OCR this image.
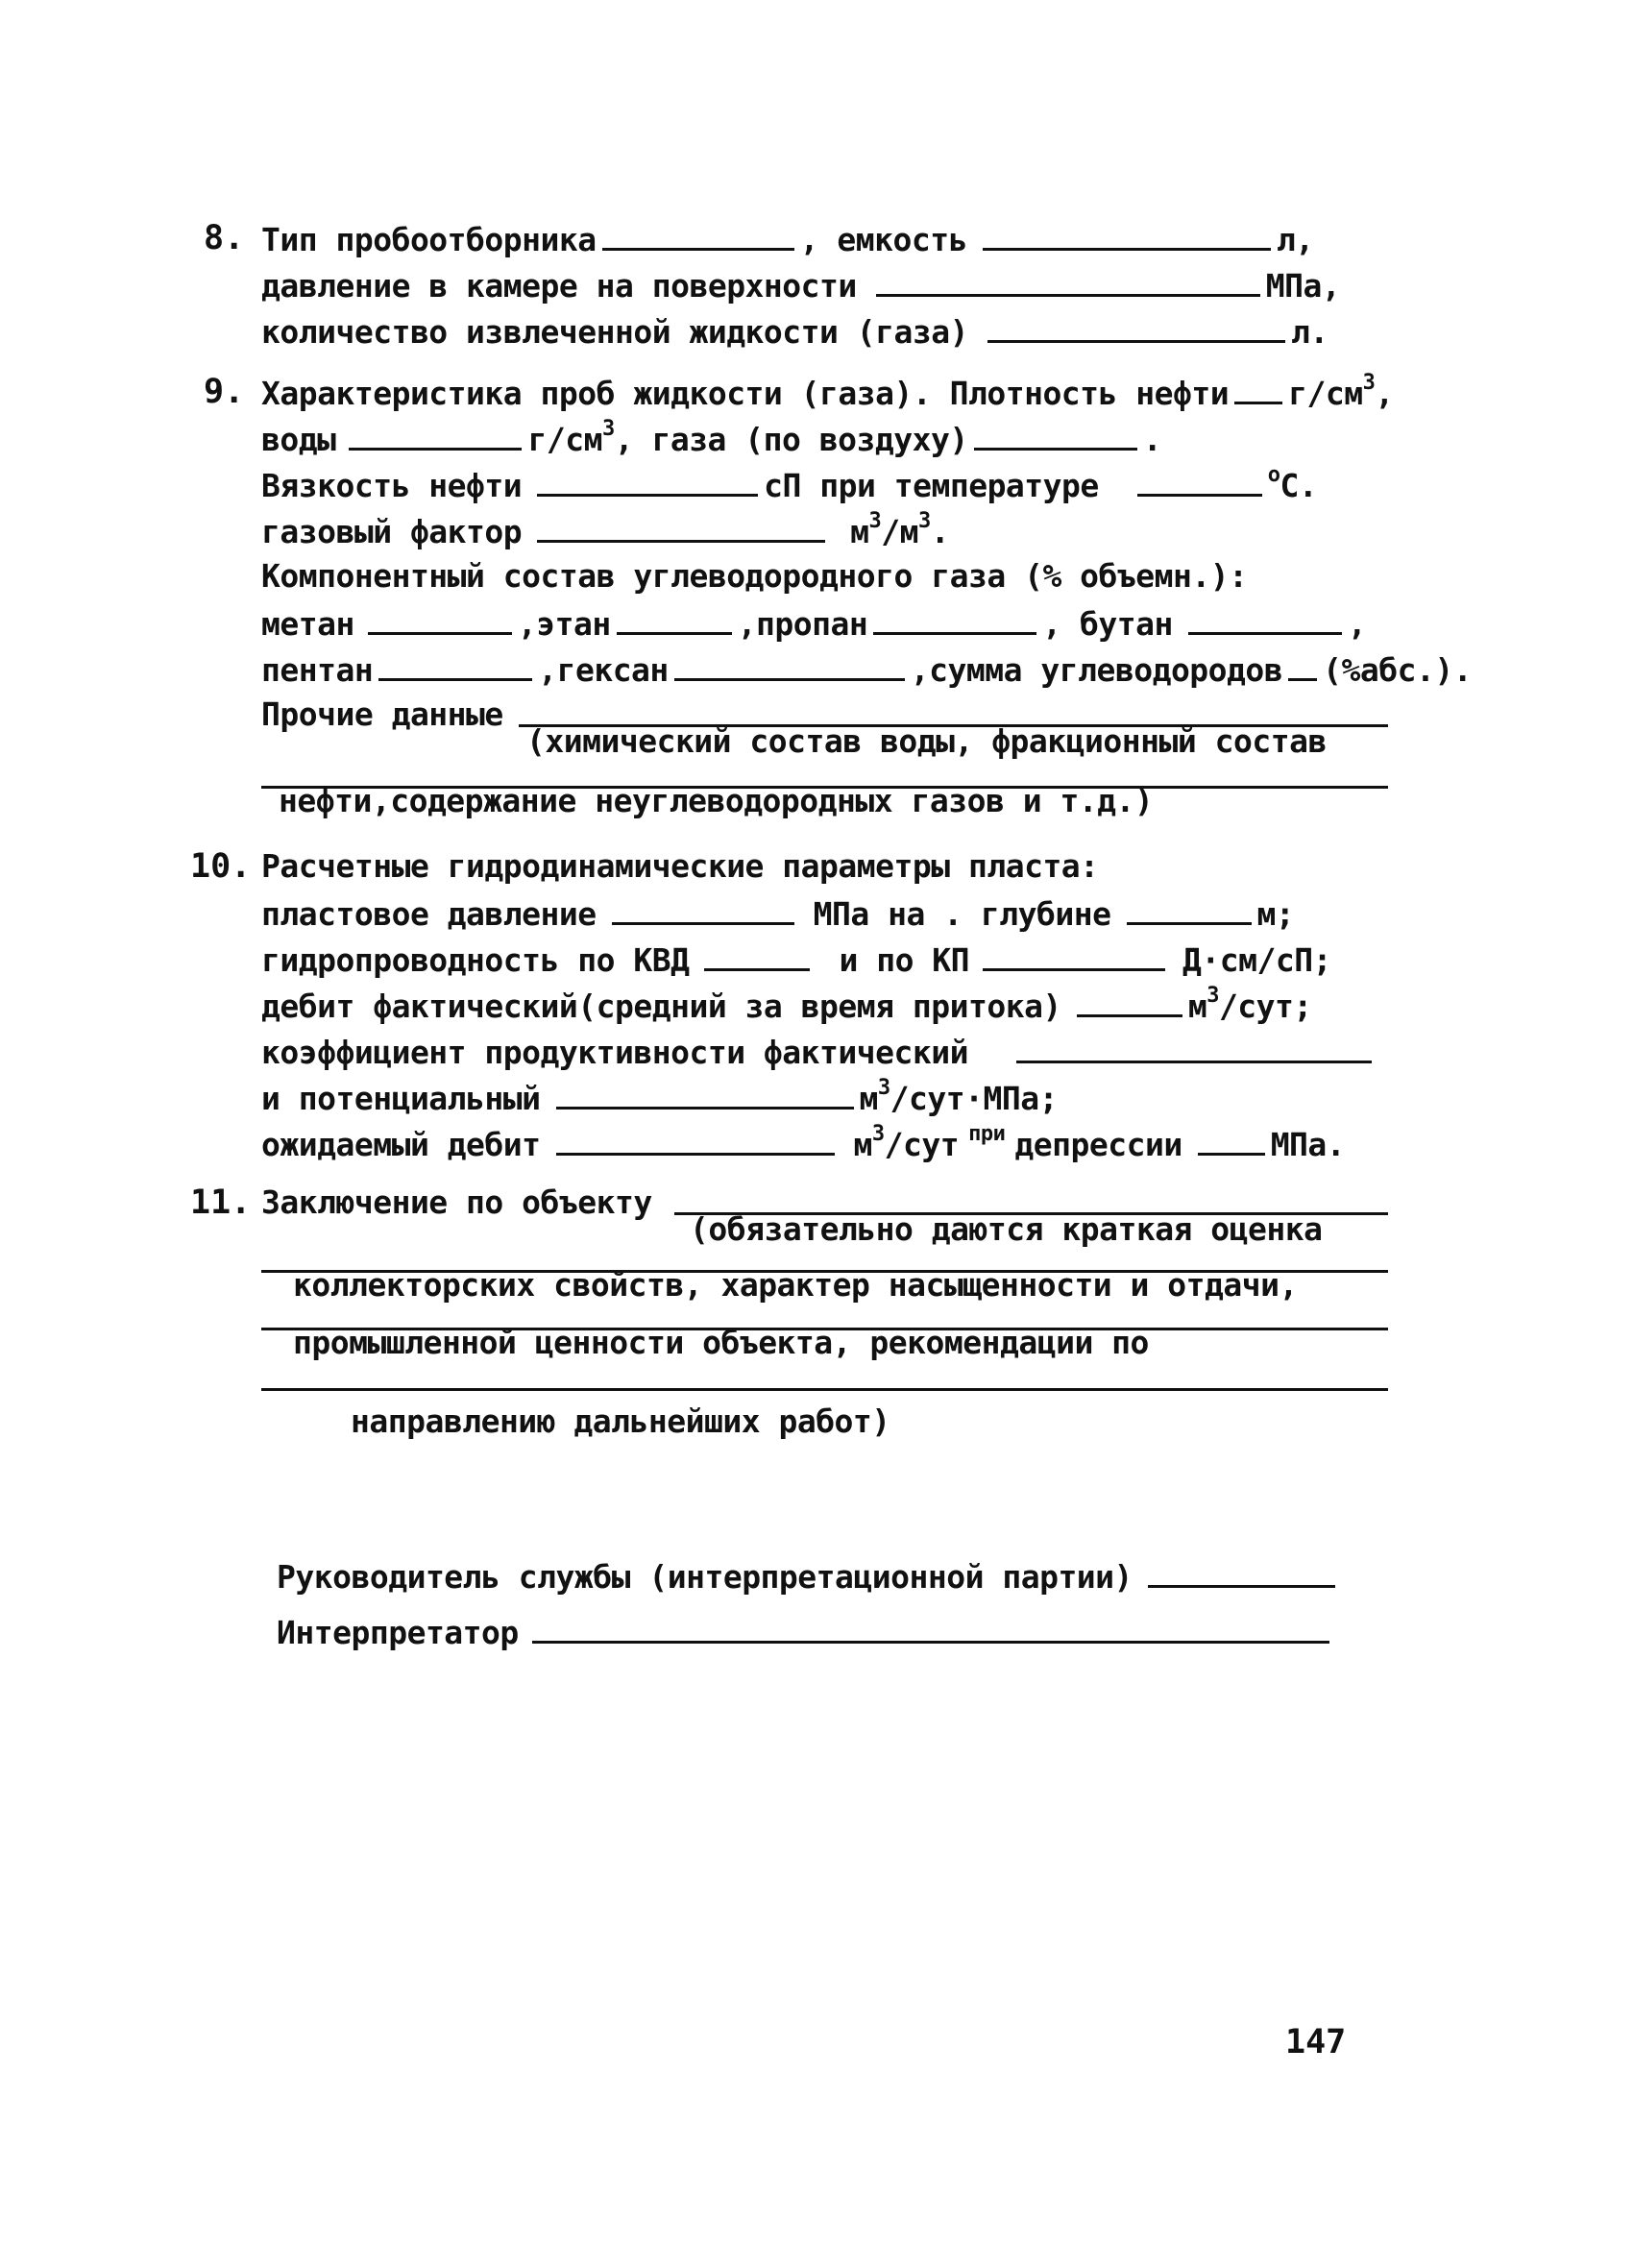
8. Тип пробоотборника	, емкость	л,
давление в камере на поверхности	МПа,
количество извлеченной жидкости (газа)	л.
9. Характеристика проб жидкости (газа). Плотность нефти $г/см^3$,
воды	$г/см^3$, газа (по воздуху)	.
Вязкость нефти	сП при температуре	$^о$С.
газовый фактор	$м^3/м^3$.
Компонентный состав углеводородного газа (% объемн.):
метан	,этан	,пропан	, бутан	,
пентан	,гексан	,сумма углеводородов (%абс.).
Прочие данные
(химический состав воды, фракционный состав
нефти,содержание неуглеводородных газов и т.д.)
10. Расчетные гидродинамические параметры пласта:
пластовое давление	МПа на . глубине	м;
гидропроводность по КВД	и по КП	Д·см/сП;
дебит фактический(средний за время притока)	$м^3$/сут;
коэффициент продуктивности фактический
и потенциальный	$м^3/сут\cdot МПа$;
ожидаемый дебит	$м^3$/сут $^{при}$ депрессии	МПа.
11. Заключение по объекту
(обязательно даются краткая оценка
коллекторских свойств, характер насыщенности и отдачи,
промышленной ценности объекта, рекомендации по
направлению дальнейших работ)
Руководитель службы (интерпретационной партии)
Интерпретатор
147
